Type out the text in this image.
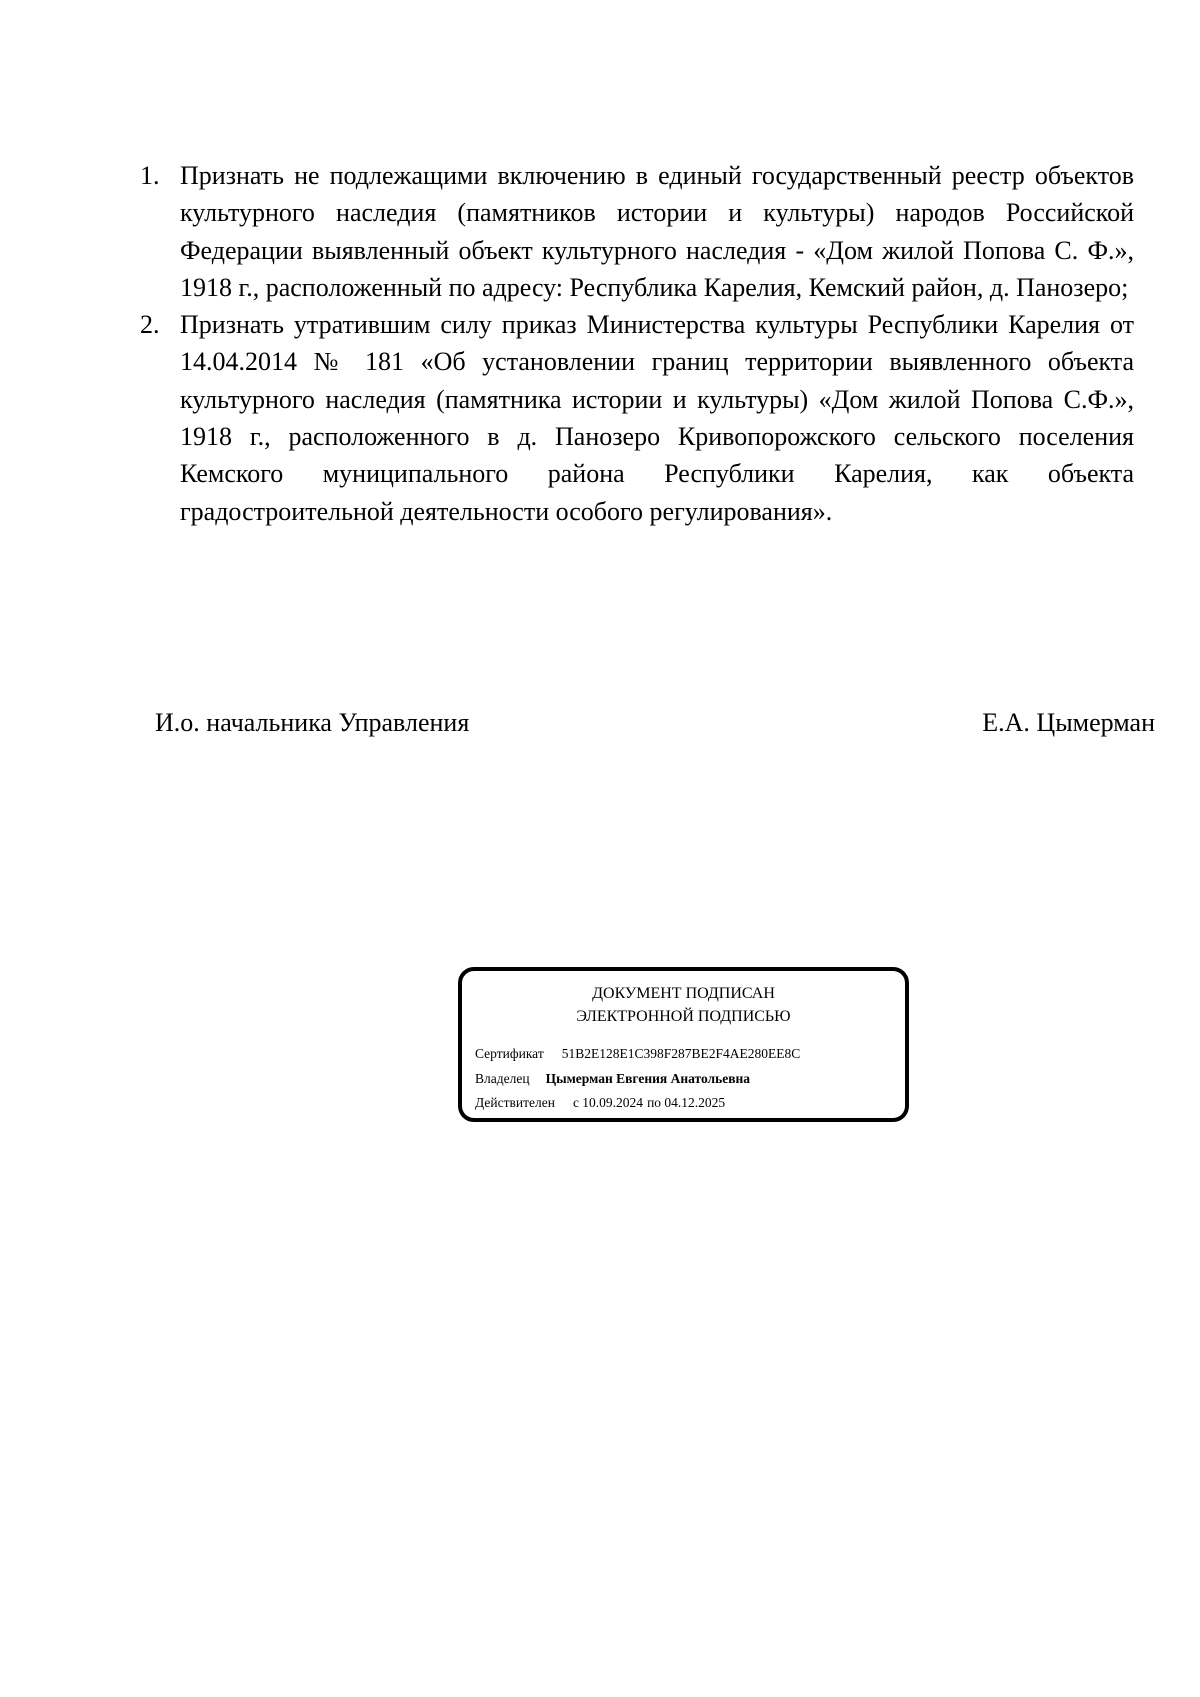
1. Признать не подлежащими включению в единый государственный реестр объектов культурного наследия (памятников истории и культуры) народов Российской Федерации выявленный объект культурного наследия - «Дом жилой Попова С. Ф.», 1918 г., расположенный по адресу: Республика Карелия, Кемский район, д. Панозеро;
2. Признать утратившим силу приказ Министерства культуры Республики Карелия от 14.04.2014 № 181 «Об установлении границ территории выявленного объекта культурного наследия (памятника истории и культуры) «Дом жилой Попова С.Ф.», 1918 г., расположенного в д. Панозеро Кривопорожского сельского поселения Кемского муниципального района Республики Карелия, как объекта градостроительной деятельности особого регулирования».
И.о. начальника Управления	Е.А. Цымерман
ДОКУМЕНТ ПОДПИСАН
ЭЛЕКТРОННОЙ ПОДПИСЬЮ
Сертификат 51B2E128E1C398F287BE2F4AE280EE8C
Владелец Цымерман Евгения Анатольевна
Действителен с 10.09.2024 по 04.12.2025
